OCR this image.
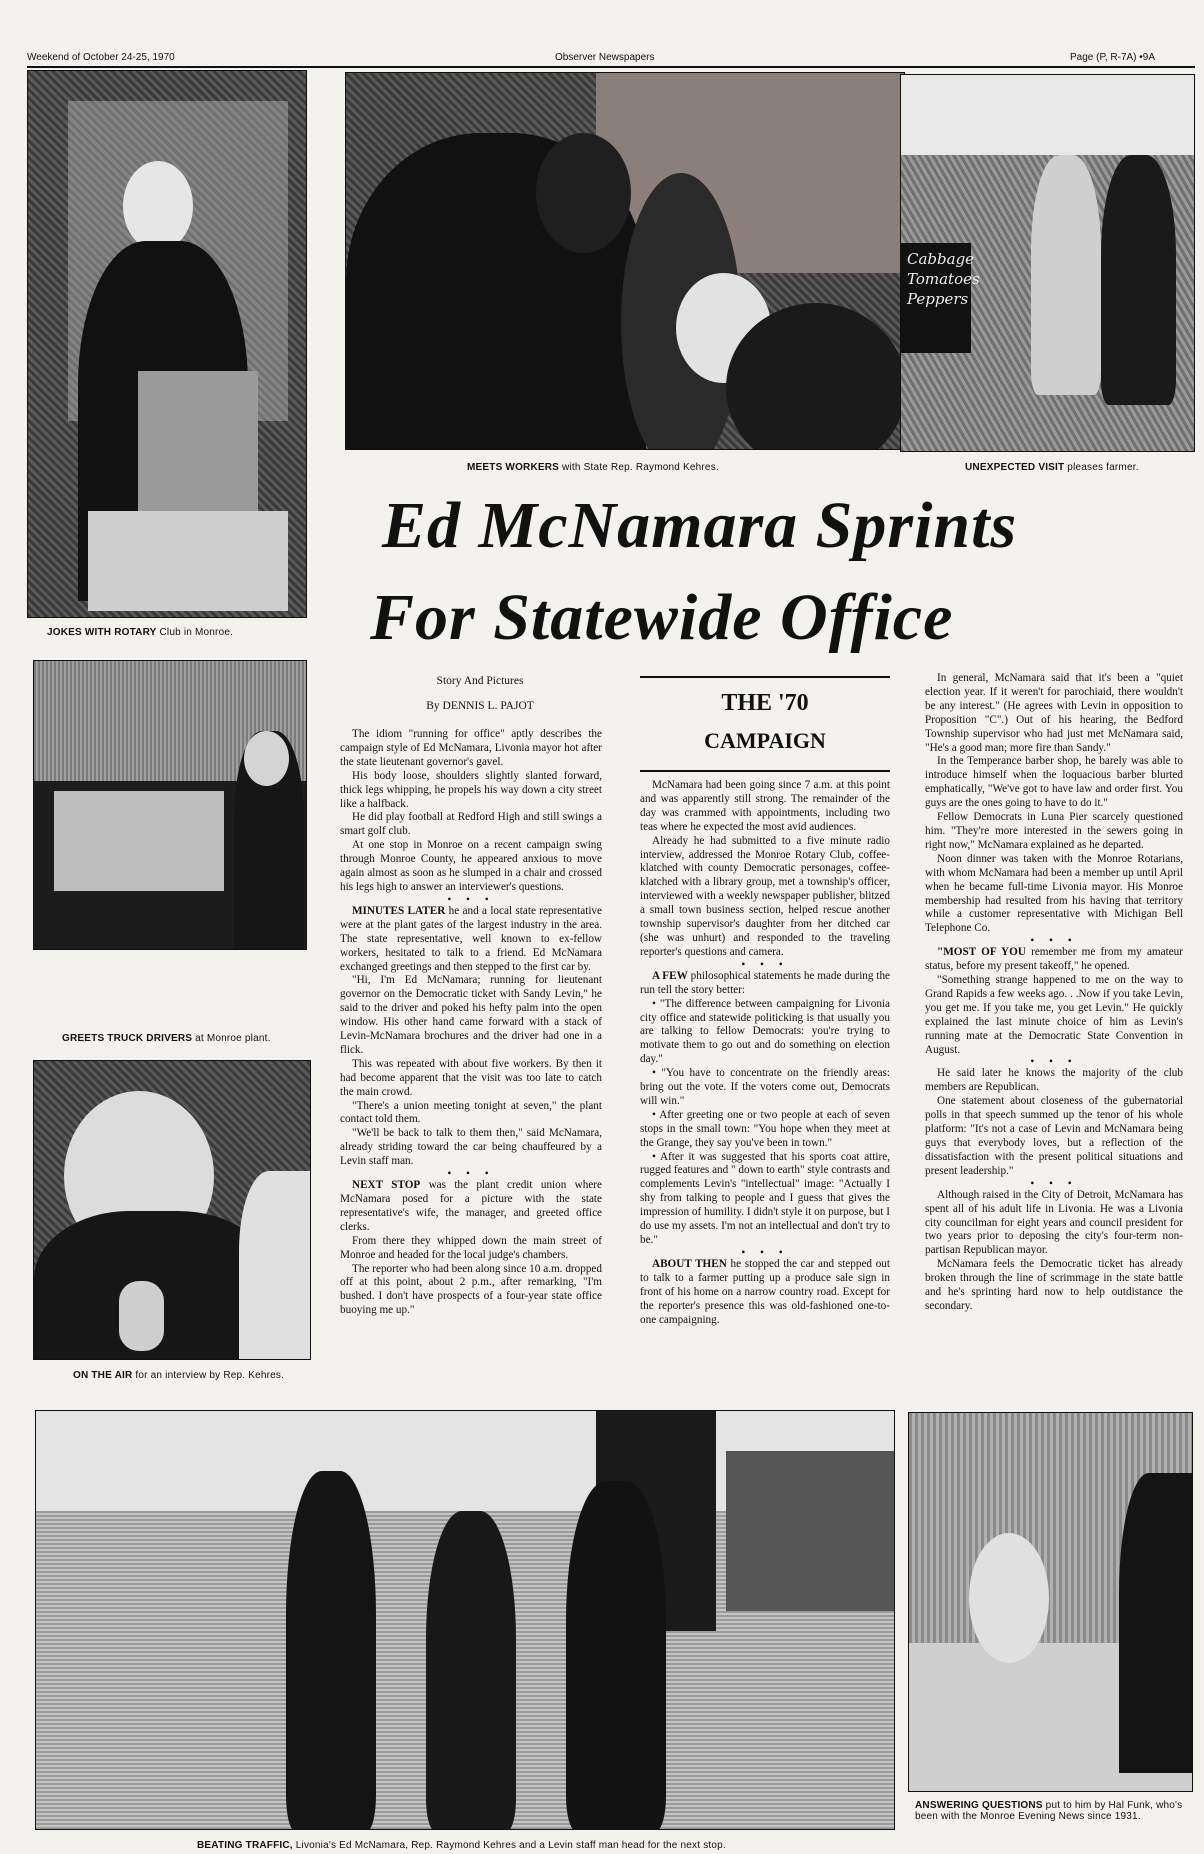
Weekend of October 24-25, 1970	Observer Newspapers	Page (P, R-7A) •9A
JOKES WITH ROTARY Club in Monroe.
MEETS WORKERS with State Rep. Raymond Kehres.
Cabbage Tomatoes Peppers
UNEXPECTED VISIT pleases farmer.
Ed McNamara Sprints
For Statewide Office
GREETS TRUCK DRIVERS at Monroe plant.
ON THE AIR for an interview by Rep. Kehres.
Story And Pictures
By DENNIS L. PAJOT	THE '70
CAMPAIGN

The idiom "running for office" aptly describes the campaign style of Ed McNamara, Livonia mayor hot after the state lieutenant governor's gavel.

His body loose, shoulders slightly slanted forward, thick legs whipping, he propels his way down a city street like a halfback.

He did play football at Redford High and still swings a smart golf club.

At one stop in Monroe on a recent campaign swing through Monroe County, he appeared anxious to move again almost as soon as he slumped in a chair and crossed his legs high to answer an interviewer's questions.

• • •

MINUTES LATER he and a local state representative were at the plant gates of the largest industry in the area. The state representative, well known to ex-fellow workers, hesitated to talk to a friend. Ed McNamara exchanged greetings and then stepped to the first car by.

"Hi, I'm Ed McNamara; running for lieutenant governor on the Democratic ticket with Sandy Levin," he said to the driver and poked his hefty palm into the open window. His other hand came forward with a stack of Levin-McNamara brochures and the driver had one in a flick.

This was repeated with about five workers. By then it had become apparent that the visit was too late to catch the main crowd.

"There's a union meeting tonight at seven," the plant contact told them.

"We'll be back to talk to them then," said McNamara, already striding toward the car being chauffeured by a Levin staff man.

• • •

NEXT STOP was the plant credit union where McNamara posed for a picture with the state representative's wife, the manager, and greeted office clerks.

From there they whipped down the main street of Monroe and headed for the local judge's chambers.

The reporter who had been along since 10 a.m. dropped off at this point, about 2 p.m., after remarking, "I'm bushed. I don't have prospects of a four-year state office buoying me up."

McNamara had been going since 7 a.m. at this point and was apparently still strong. The remainder of the day was crammed with appointments, including two teas where he expected the most avid audiences.

Already he had submitted to a five minute radio interview, addressed the Monroe Rotary Club, coffee-klatched with county Democratic personages, coffee-klatched with a library group, met a township's officer, interviewed with a weekly newspaper publisher, blitzed a small town business section, helped rescue another township supervisor's daughter from her ditched car (she was unhurt) and responded to the traveling reporter's questions and camera.

• • •

A FEW philosophical statements he made during the run tell the story better:

• "The difference between campaigning for Livonia city office and statewide politicking is that usually you are talking to fellow Democrats: you're trying to motivate them to go out and do something on election day."

• "You have to concentrate on the friendly areas: bring out the vote. If the voters come out, Democrats will win."

• After greeting one or two people at each of seven stops in the small town: "You hope when they meet at the Grange, they say you've been in town."

• After it was suggested that his sports coat attire, rugged features and " down to earth" style contrasts and complements Levin's "intellectual" image: "Actually I shy from talking to people and I guess that gives the impression of humility. I didn't style it on purpose, but I do use my assets. I'm not an intellectual and don't try to be."

• • •

ABOUT THEN he stopped the car and stepped out to talk to a farmer putting up a produce sale sign in front of his home on a narrow country road. Except for the reporter's presence this was old-fashioned one-to-one campaigning.

In general, McNamara said that it's been a "quiet election year. If it weren't for parochiaid, there wouldn't be any interest." (He agrees with Levin in opposition to Proposition "C".) Out of his hearing, the Bedford Township supervisor who had just met McNamara said, "He's a good man; more fire than Sandy."

In the Temperance barber shop, he barely was able to introduce himself when the loquacious barber blurted emphatically, "We've got to have law and order first. You guys are the ones going to have to do it."

Fellow Democrats in Luna Pier scarcely questioned him. "They're more interested in the sewers going in right now," McNamara explained as he departed.

Noon dinner was taken with the Monroe Rotarians, with whom McNamara had been a member up until April when he became full-time Livonia mayor. His Monroe membership had resulted from his having that territory while a customer representative with Michigan Bell Telephone Co.

• • •

"MOST OF YOU remember me from my amateur status, before my present takeoff," he opened.

"Something strange happened to me on the way to Grand Rapids a few weeks ago. . .Now if you take Levin, you get me. If you take me, you get Levin." He quickly explained the last minute choice of him as Levin's running mate at the Democratic State Convention in August.

• • •

He said later he knows the majority of the club members are Republican.

One statement about closeness of the gubernatorial polls in that speech summed up the tenor of his whole platform: "It's not a case of Levin and McNamara being guys that everybody loves, but a reflection of the dissatisfaction with the present political situations and present leadership."

• • •

Although raised in the City of Detroit, McNamara has spent all of his adult life in Livonia. He was a Livonia city councilman for eight years and council president for two years prior to deposing the city's four-term non-partisan Republican mayor.

McNamara feels the Democratic ticket has already broken through the line of scrimmage in the state battle and he's sprinting hard now to help outdistance the secondary.

BEATING TRAFFIC, Livonia's Ed McNamara, Rep. Raymond Kehres and a Levin staff man head for the next stop.
ANSWERING QUESTIONS put to him by Hal Funk, who's been with the Monroe Evening News since 1931.
